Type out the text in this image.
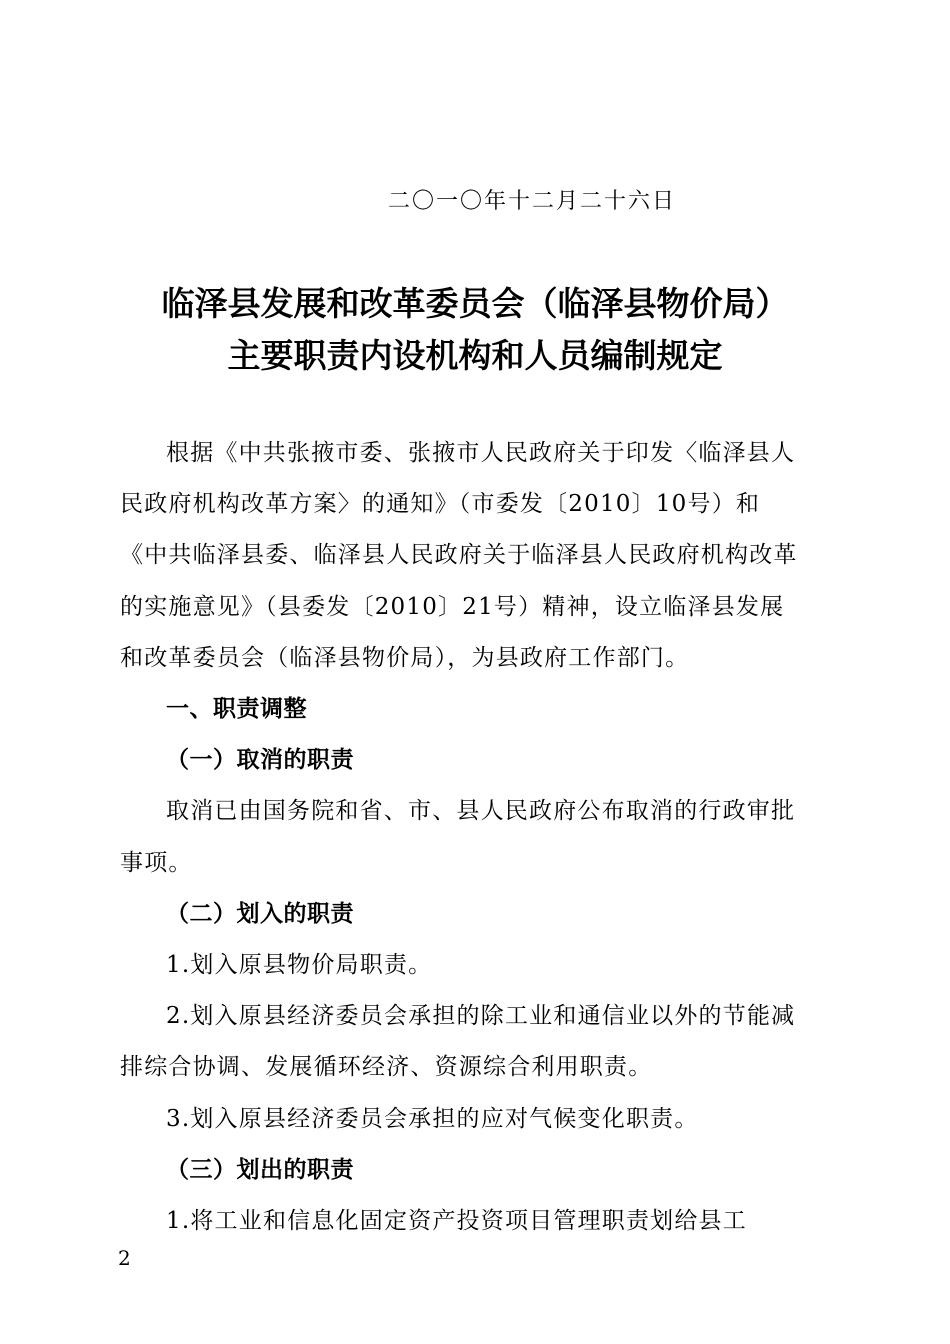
二〇一〇年十二月二十六日
临泽县发展和改革委员会（临泽县物价局）
主要职责内设机构和人员编制规定

根据《中共张掖市委、张掖市人民政府关于印发〈临泽县人民政府机构改革方案〉的通知》（市委发〔2010〕10号）和《中共临泽县委、临泽县人民政府关于临泽县人民政府机构改革的实施意见》（县委发〔2010〕21号）精神，设立临泽县发展和改革委员会（临泽县物价局），为县政府工作部门。

一、职责调整

（一）取消的职责

取消已由国务院和省、市、县人民政府公布取消的行政审批事项。

（二）划入的职责

1.划入原县物价局职责。

2.划入原县经济委员会承担的除工业和通信业以外的节能减排综合协调、发展循环经济、资源综合利用职责。

3.划入原县经济委员会承担的应对气候变化职责。

（三）划出的职责

1.将工业和信息化固定资产投资项目管理职责划给县工

2
